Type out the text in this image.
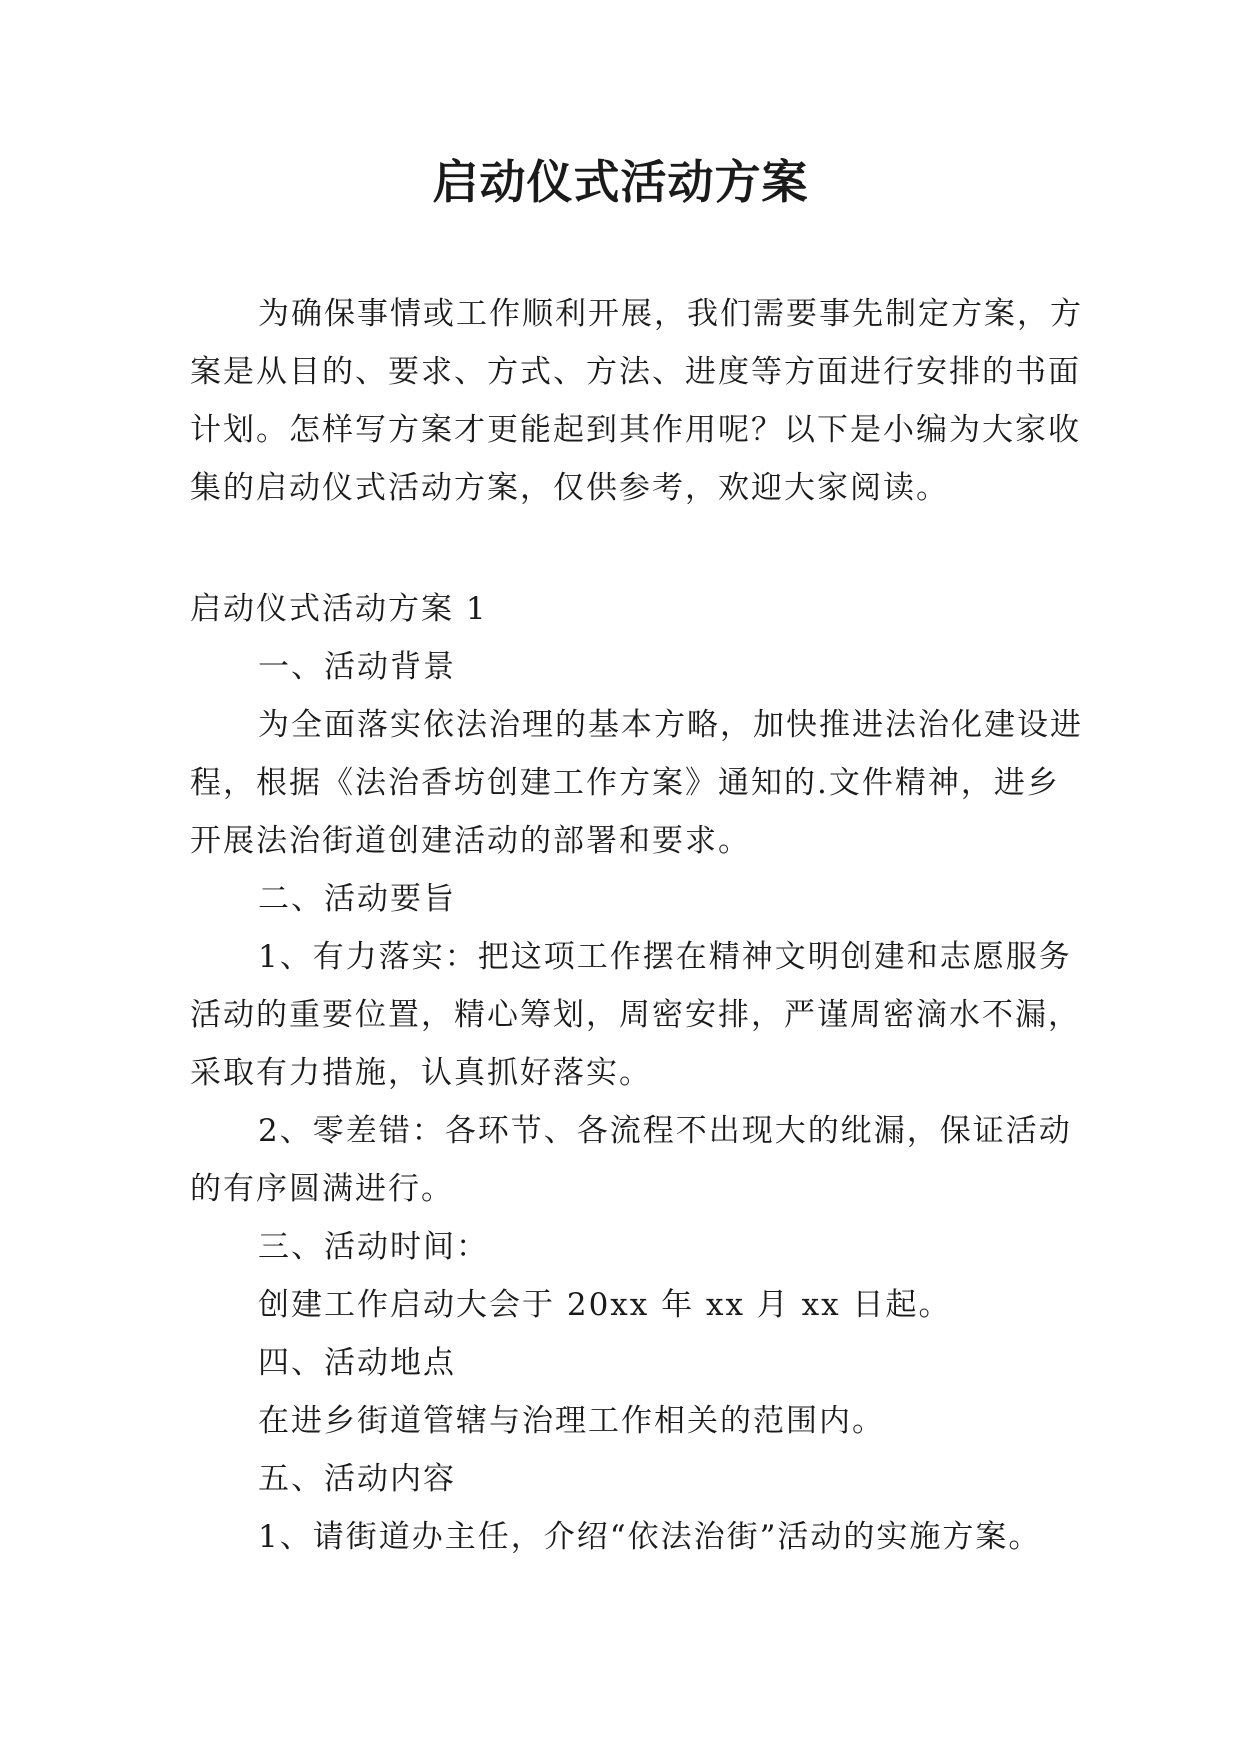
启动仪式活动方案

为确保事情或工作顺利开展，我们需要事先制定方案，方案是从目的、要求、方式、方法、进度等方面进行安排的书面计划。怎样写方案才更能起到其作用呢？以下是小编为大家收集的启动仪式活动方案，仅供参考，欢迎大家阅读。

启动仪式活动方案 1

一、活动背景

为全面落实依法治理的基本方略，加快推进法治化建设进程，根据《法治香坊创建工作方案》通知的.文件精神，进乡开展法治街道创建活动的部署和要求。

二、活动要旨

1、有力落实：把这项工作摆在精神文明创建和志愿服务活动的重要位置，精心筹划，周密安排，严谨周密滴水不漏，采取有力措施，认真抓好落实。

2、零差错：各环节、各流程不出现大的纰漏，保证活动的有序圆满进行。

三、活动时间：

创建工作启动大会于 20xx 年 xx 月 xx 日起。

四、活动地点

在进乡街道管辖与治理工作相关的范围内。

五、活动内容

1、请街道办主任，介绍“依法治街”活动的实施方案。
